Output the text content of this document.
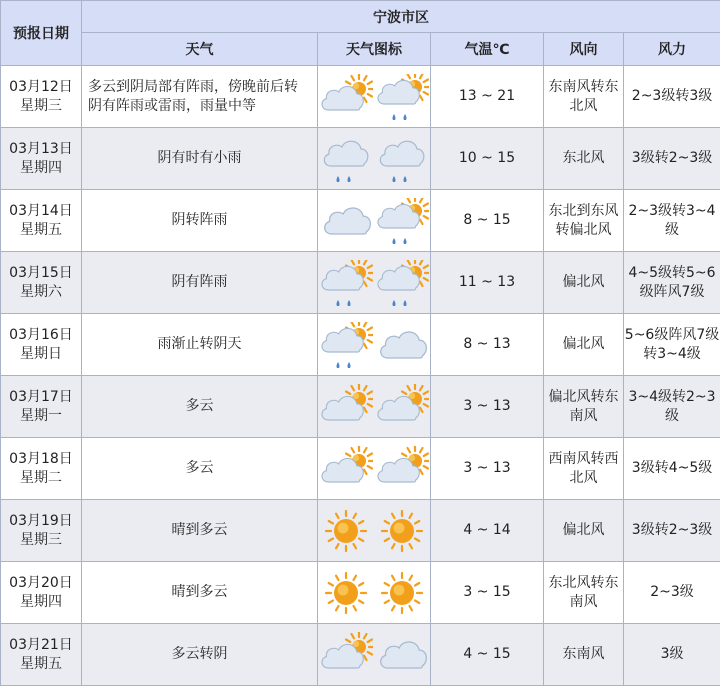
预报日期	宁波市区				
	天气	天气图标	气温℃	风向	风力

03月12日
星期三	多云到阴局部有阵雨，傍晚前后转阴有阵雨或雷雨，雨量中等		13 ~ 21	东南风转东北风	2~3级转3级

03月13日
星期四	阴有时有小雨		10 ~ 15	东北风	3级转2~3级

03月14日
星期五	阴转阵雨		8 ~ 15	东北到东风转偏北风	2~3级转3~4级

03月15日
星期六	阴有阵雨		11 ~ 13	偏北风	4~5级转5~6级阵风7级

03月16日
星期日	雨渐止转阴天		8 ~ 13	偏北风	5~6级阵风7级转3~4级

03月17日
星期一	多云		3 ~ 13	偏北风转东南风	3~4级转2~3级

03月18日
星期二	多云		3 ~ 13	西南风转西北风	3级转4~5级

03月19日
星期三	晴到多云		4 ~ 14	偏北风	3级转2~3级

03月20日
星期四	晴到多云		3 ~ 15	东北风转东南风	2~3级

03月21日
星期五	多云转阴		4 ~ 15	东南风	3级
